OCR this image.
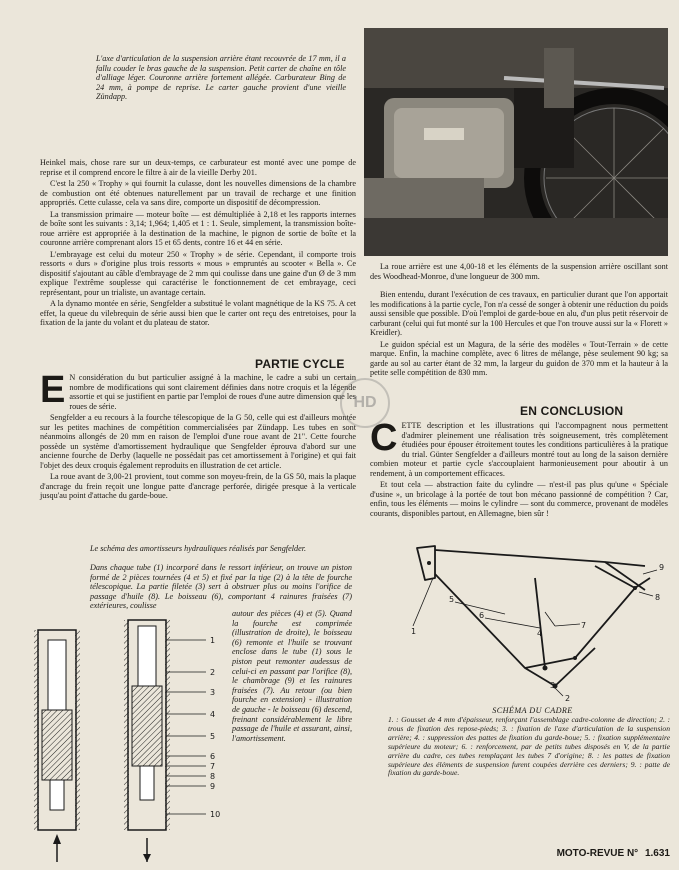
L'axe d'articulation de la suspension arrière étant recouvrée de 17 mm, il a fallu couder le bras gauche de la suspension. Petit carter de chaîne en tôle d'alliage léger. Couronne arrière fortement allégée. Carburateur Bing de 24 mm, à pompe de reprise. Le carter gauche provient d'une vieille Zündapp.

Heinkel mais, chose rare sur un deux-temps, ce carburateur est monté avec une pompe de reprise et il comprend encore le filtre à air de la vieille Derby 201.

C'est la 250 « Trophy » qui fournit la culasse, dont les nouvelles dimensions de la chambre de combustion ont été obtenues naturellement par un travail de recharge et une finition appropriés. Cette culasse, cela va sans dire, comporte un dispositif de décompression.

La transmission primaire — moteur boîte — est démultipliée à 2,18 et les rapports internes de boîte sont les suivants : 3,14; 1,964; 1,405 et 1 : 1. Seule, simplement, la transmission boîte-roue arrière est appropriée à la destination de la machine, le pignon de sortie de boîte et la couronne arrière comprenant alors 15 et 65 dents, contre 16 et 44 en série.

L'embrayage est celui du moteur 250 « Trophy » de série. Cependant, il comporte trois ressorts « durs » d'origine plus trois ressorts « mous » empruntés au scooter « Bella ». Ce dispositif s'ajoutant au câble d'embrayage de 2 mm qui coulisse dans une gaine d'un Ø de 3 mm explique l'extrême souplesse qui caractérise le fonctionnement de cet embrayage, ceci représentant, pour un trialiste, un avantage certain.

A la dynamo montée en série, Sengfelder a substitué le volant magnétique de la KS 75. A cet effet, la queue du vilebrequin de série aussi bien que le carter ont reçu des entretoises, pour la fixation de la jante du volant et du plateau de stator.

PARTIE CYCLE
E N considération du but particulier assigné à la machine, le cadre a subi un certain nombre de modifications qui sont clairement définies dans notre croquis et la légende assortie et qui se justifient en partie par l'emploi de roues d'une autre dimension que les roues de série.

Sengfelder a eu recours à la fourche télescopique de la G 50, celle qui est d'ailleurs montée sur les petites machines de compétition commercialisées par Zündapp. Les tubes en sont néanmoins allongés de 20 mm en raison de l'emploi d'une roue avant de 21". Cette fourche possède un système d'amortissement hydraulique que Sengfelder éprouva d'abord sur une ancienne fourche de Derby (laquelle ne possédait pas cet amortissement à l'origine) et qui fait l'objet des deux croquis également reproduits en illustration de cet article.

La roue avant de 3,00-21 provient, tout comme son moyeu-frein, de la GS 50, mais la plaque d'ancrage du frein reçoit une longue patte d'ancrage perforée, dirigée presque à la verticale jusqu'au point d'attache du garde-boue.

La roue arrière est une 4,00-18 et les éléments de la suspension arrière oscillant sont des Woodhead-Monroe, d'une longueur de 300 mm.

Bien entendu, durant l'exécution de ces travaux, en particulier durant que l'on apportait les modifications à la partie cycle, l'on n'a cessé de songer à obtenir une réduction du poids aussi sensible que possible. D'où l'emploi de garde-boue en alu, d'un plus petit réservoir de carburant (celui qui fut monté sur la 100 Hercules et que l'on trouve aussi sur la « Florett » Kreidler).

Le guidon spécial est un Magura, de la série des modèles « Tout-Terrain » de cette marque. Enfin, la machine complète, avec 6 litres de mélange, pèse seulement 90 kg; sa garde au sol au carter étant de 32 mm, la largeur du guidon de 370 mm et la hauteur à la petite selle compétition de 830 mm.

HD	EN CONCLUSION
C ETTE description et les illustrations qui l'accompagnent nous permettent d'admirer pleinement une réalisation très soigneusement, très complètement étudiées pour épouser étroitement toutes les conditions particulières à la pratique du trial. Günter Sengfelder a d'ailleurs montré tout au long de la saison dernière combien moteur et partie cycle s'accouplaient harmonieusement pour aboutir à un rendement, à un comportement efficaces.

Et tout cela — abstraction faite du cylindre — n'est-il pas plus qu'une « Spéciale d'usine », un bricolage à la portée de tout bon mécano passionné de compétition ? Car, enfin, tous les éléments — moins le cylindre — sont du commerce, provenant de modèles courants, disponibles partout, en Allemagne, bien sûr !

Le schéma des amortisseurs hydrauliques réalisés par Sengfelder.
Dans chaque tube (1) incorporé dans le ressort inférieur, on trouve un piston formé de 2 pièces tournées (4 et 5) et fixé par la tige (2) à la tête de fourche télescopique. La partie filetée (3) sert à obstruer plus ou moins l'orifice de passage d'huile (8). Le boisseau (6), comportant 4 rainures fraisées (7) extérieures, coulisse
autour des pièces (4) et (5). Quand la fourche est comprimée (illustration de droite), le boisseau (6) remonte et l'huile se trouvant enclose dans le tube (1) sous le piston peut remonter audessus de celui-ci en passant par l'orifice (8), le chambrage (9) et les rainures fraisées (7). Au retour (ou bien fourche en extension) - illustration de gauche - le boisseau (6) descend, freinant considérablement le libre passage de l'huile et assurant, ainsi, l'amortissement.
1
2
3
4
5
6
7
8
9
10
1
2
3
4
5
6
7
8
9
SCHÉMA DU CADRE
1. : Gousset de 4 mm d'épaisseur, renforçant l'assemblage cadre-colonne de direction; 2. : trous de fixation des repose-pieds; 3. : fixation de l'axe d'articulation de la suspension arrière; 4. : suppression des pattes de fixation du garde-boue; 5. : fixation supplémentaire supérieure du moteur; 6. : renforcement, par de petits tubes disposés en V, de la partie arrière du cadre, ces tubes remplaçant les tubes 7 d'origine; 8. : les pattes de fixation supérieure des éléments de suspension furent coupées derrière ces derniers; 9. : patte de fixation du garde-boue.
MOTO-REVUE N° 1.631
